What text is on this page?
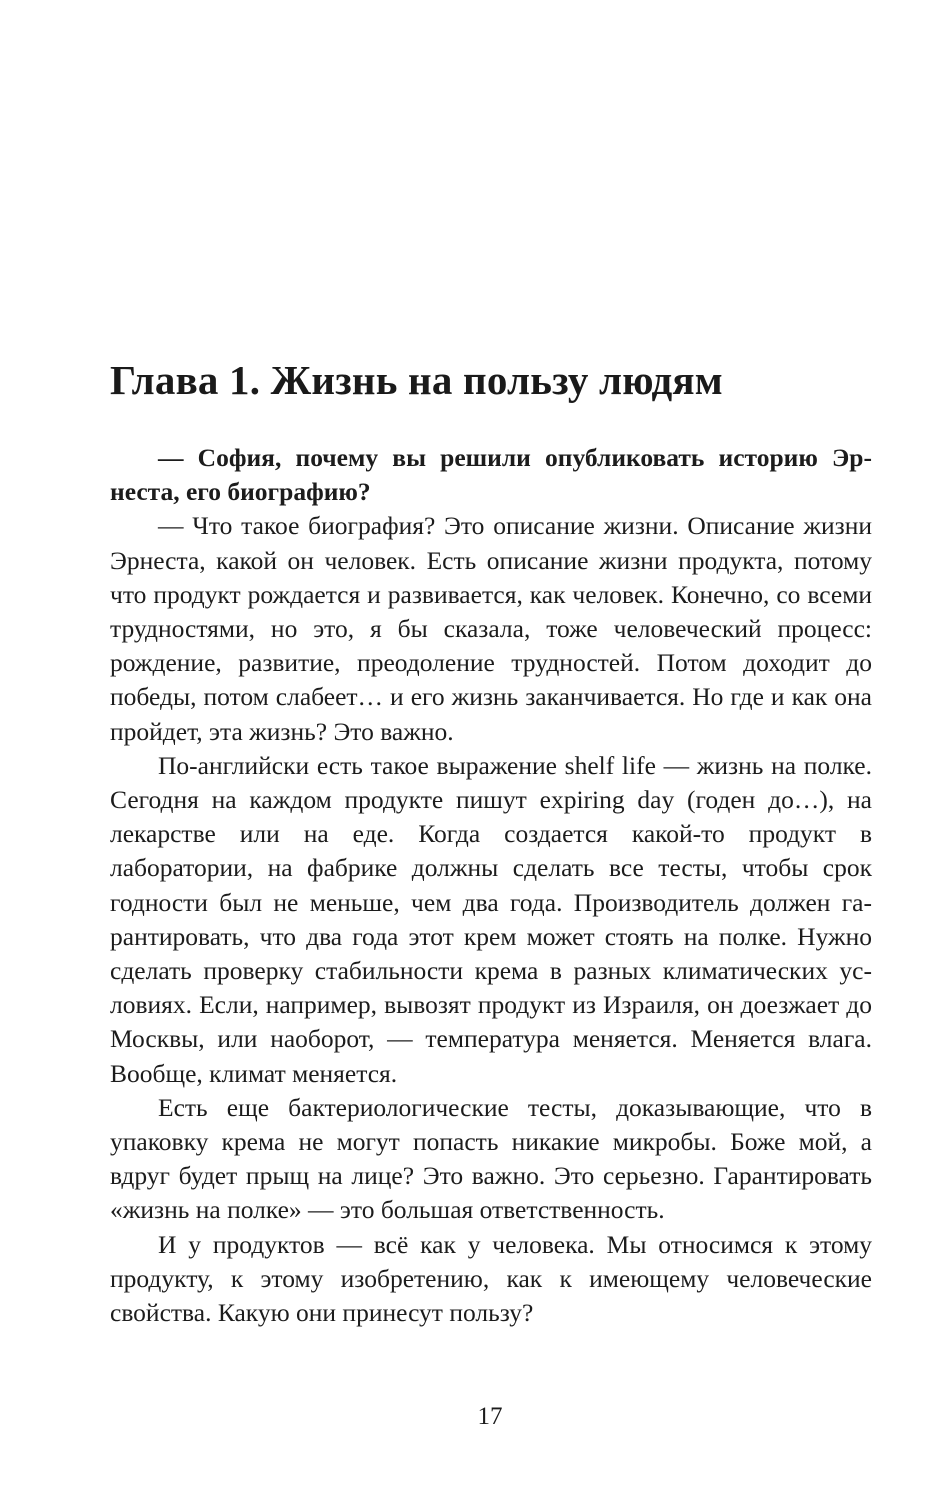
Глава 1. Жизнь на пользу людям

— София, почему вы решили опубликовать историю Эрнеста, его биографию?

— Что такое биография? Это описание жизни. Описание жизни Эрнеста, какой он человек. Есть описание жизни продукта, потому что продукт рождается и развивается, как человек. Конечно, со всеми трудностями, но это, я бы сказала, тоже человеческий процесс: рождение, развитие, преодоление трудностей. Потом доходит до победы, потом слабеет… и его жизнь заканчивается. Но где и как она пройдет, эта жизнь? Это важно.

По-английски есть такое выражение shelf life — жизнь на полке. Сегодня на каждом продукте пишут expiring day (годен до…), на лекарстве или на еде. Когда создается какой-то продукт в лаборатории, на фабрике должны сделать все тесты, чтобы срок годности был не меньше, чем два года. Производитель должен гарантировать, что два года этот крем может стоять на полке. Нужно сделать проверку стабильности крема в разных климатических условиях. Если, например, вывозят продукт из Израиля, он доезжает до Москвы, или наоборот, — температура меняется. Меняется влага. Вообще, климат меняется.

Есть еще бактериологические тесты, доказывающие, что в упаковку крема не могут попасть никакие микробы. Боже мой, а вдруг будет прыщ на лице? Это важно. Это серьезно. Гарантировать «жизнь на полке» — это большая ответственность.

И у продуктов — всё как у человека. Мы относимся к этому продукту, к этому изобретению, как к имеющему человеческие свойства. Какую они принесут пользу?

17
